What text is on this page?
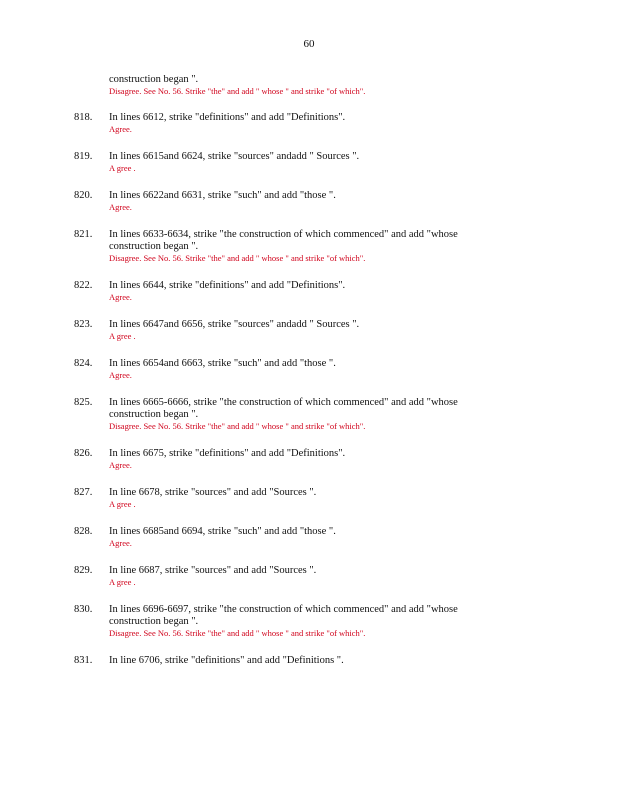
60
construction began ".
Disagree. See No. 56. Strike "the" and add " whose " and strike "of which".
818.	In lines 6612, strike "definitions" and add "Definitions".
Agree.
819.	In lines 6615and 6624, strike "sources" andadd " Sources ".
A gree .
820.	In lines 6622and 6631, strike "such" and add "those ".
Agree.
821.	In lines 6633-6634, strike "the construction of which commenced" and add "whose
construction began ".
Disagree. See No. 56. Strike "the" and add " whose " and strike "of which".
822.	In lines 6644, strike "definitions" and add "Definitions".
Agree.
823.	In lines 6647and 6656, strike "sources" andadd " Sources ".
A gree .
824.	In lines 6654and 6663, strike "such" and add "those ".
Agree.
825.	In lines 6665-6666, strike "the construction of which commenced" and add "whose
construction began ".
Disagree. See No. 56. Strike "the" and add " whose " and strike "of which".
826.	In lines 6675, strike "definitions" and add "Definitions".
Agree.
827.	In line 6678, strike "sources" and add "Sources ".
A gree .
828.	In lines 6685and 6694, strike "such" and add "those ".
Agree.
829.	In line 6687, strike "sources" and add "Sources ".
A gree .
830.	In lines 6696-6697, strike "the construction of which commenced" and add "whose
construction began ".
Disagree. See No. 56. Strike "the" and add " whose " and strike "of which".
831.	In line 6706, strike "definitions" and add "Definitions ".
